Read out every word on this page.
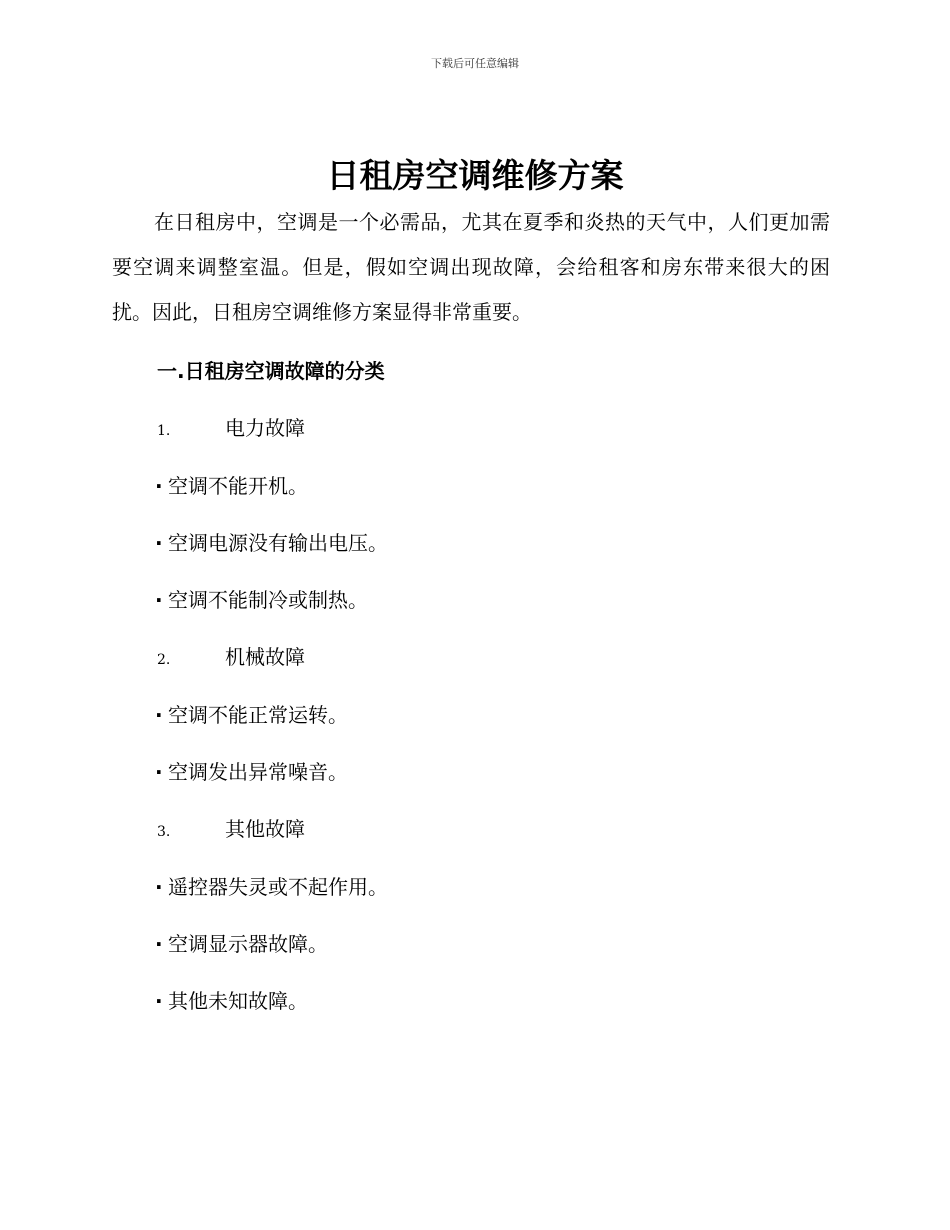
下载后可任意编辑
日租房空调维修方案

在日租房中，空调是一个必需品，尤其在夏季和炎热的天气中，人们更加需要空调来调整室温。但是，假如空调出现故障，会给租客和房东带来很大的困扰。因此，日租房空调维修方案显得非常重要。

一.日租房空调故障的分类
1.	电力故障
· 空调不能开机。
· 空调电源没有输出电压。
· 空调不能制冷或制热。
2.	机械故障
· 空调不能正常运转。
· 空调发出异常噪音。
3.	其他故障
· 遥控器失灵或不起作用。
· 空调显示器故障。
· 其他未知故障。
